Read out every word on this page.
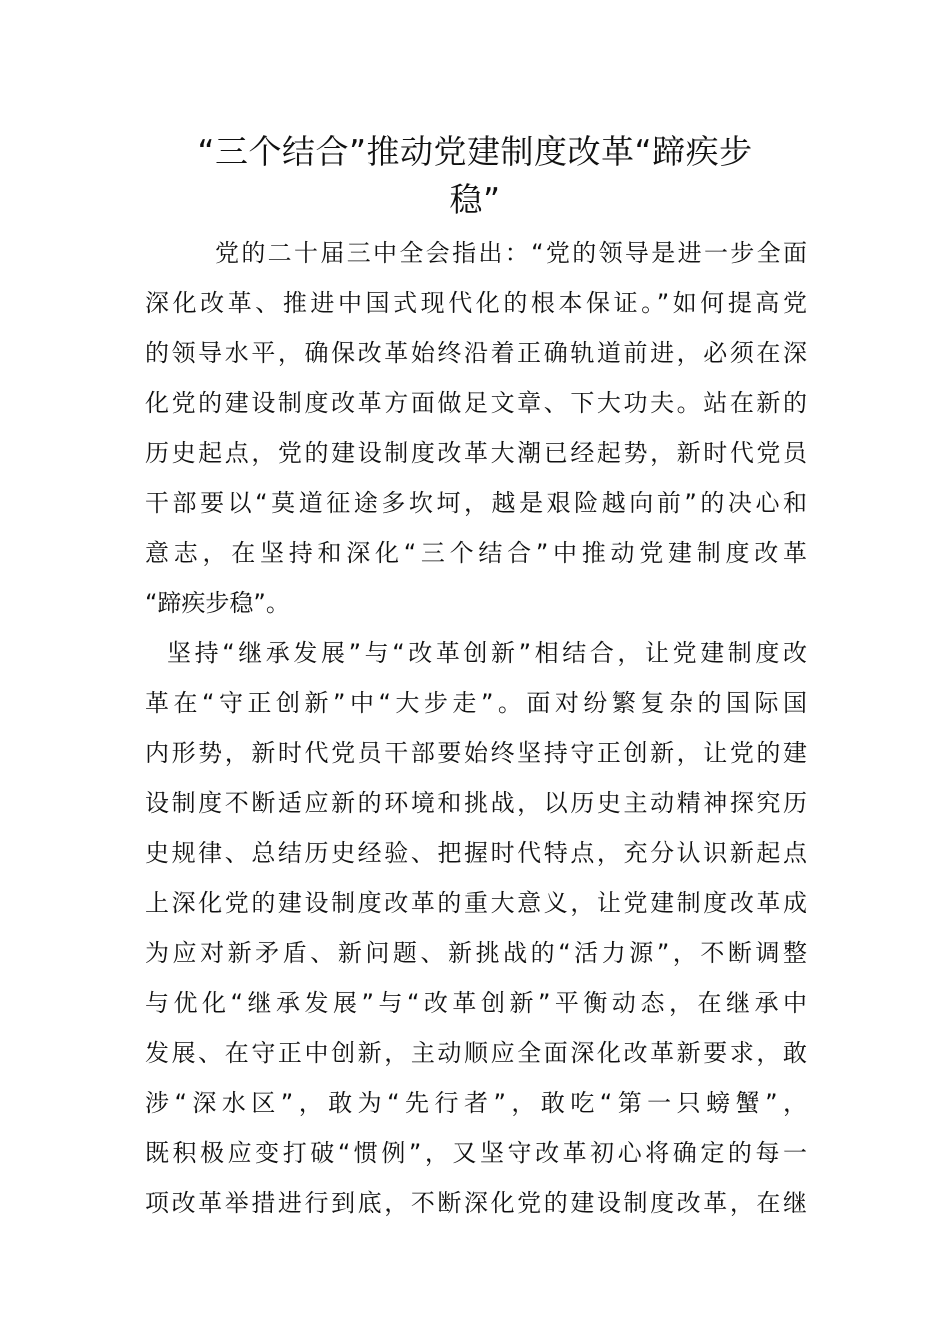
“三个结合”推动党建制度改革“蹄疾步
稳”
党的二十届三中全会指出：“党的领导是进一步全面
深化改革、推进中国式现代化的根本保证。”如何提高党
的领导水平，确保改革始终沿着正确轨道前进，必须在深
化党的建设制度改革方面做足文章、下大功夫。站在新的
历史起点，党的建设制度改革大潮已经起势，新时代党员
干部要以“莫道征途多坎坷，越是艰险越向前”的决心和
意志，在坚持和深化“三个结合”中推动党建制度改革
“蹄疾步稳”。
坚持“继承发展”与“改革创新”相结合，让党建制度改
革在“守正创新”中“大步走”。面对纷繁复杂的国际国
内形势，新时代党员干部要始终坚持守正创新，让党的建
设制度不断适应新的环境和挑战，以历史主动精神探究历
史规律、总结历史经验、把握时代特点，充分认识新起点
上深化党的建设制度改革的重大意义，让党建制度改革成
为应对新矛盾、新问题、新挑战的“活力源”，不断调整
与优化“继承发展”与“改革创新”平衡动态，在继承中
发展、在守正中创新，主动顺应全面深化改革新要求，敢
涉“深水区”，敢为“先行者”，敢吃“第一只螃蟹”，
既积极应变打破“惯例”，又坚守改革初心将确定的每一
项改革举措进行到底，不断深化党的建设制度改革，在继
